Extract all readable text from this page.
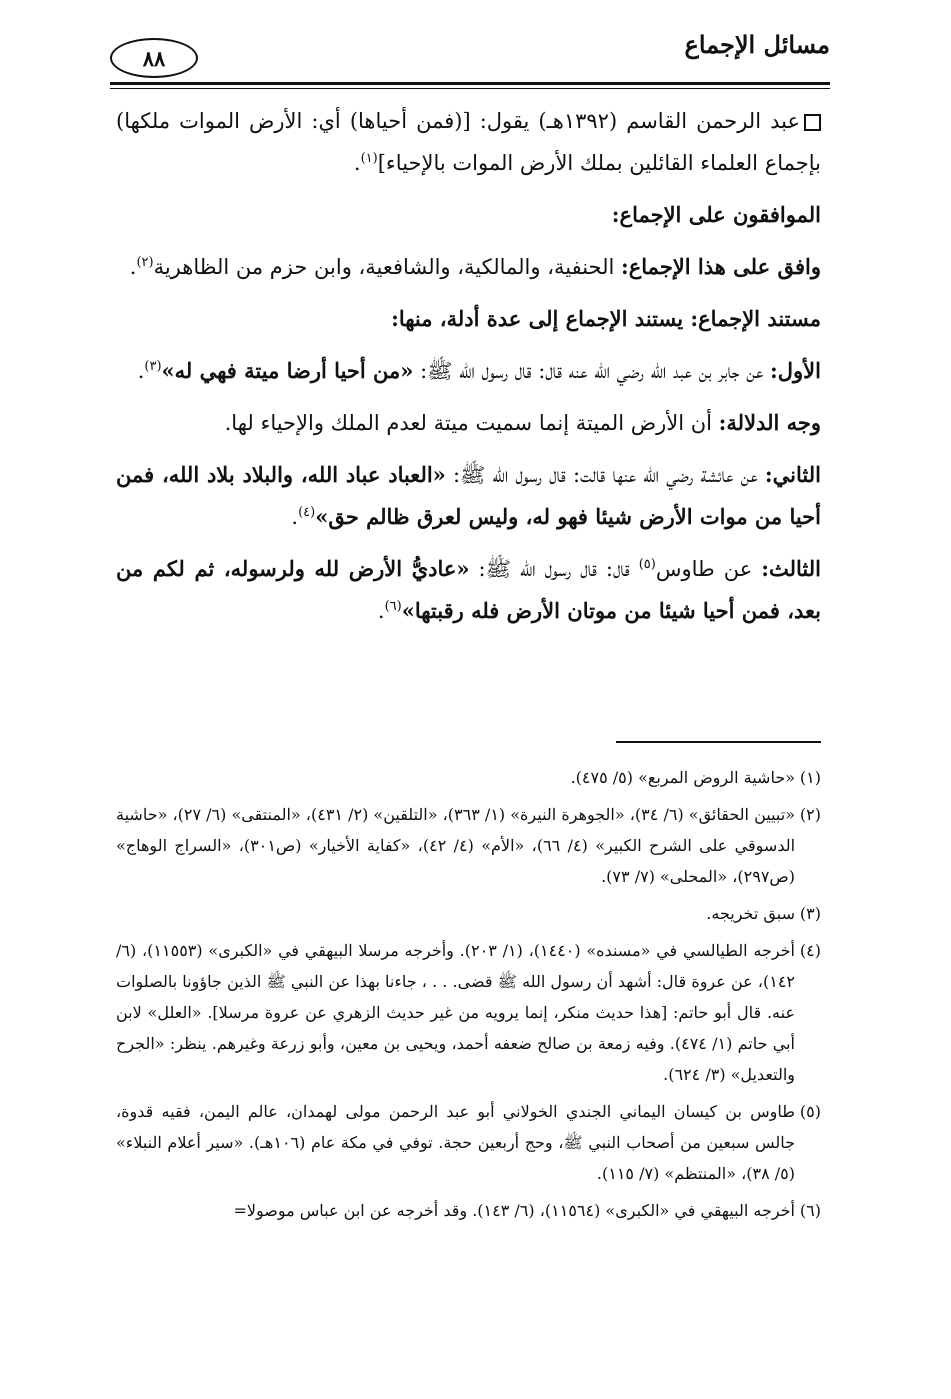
مسائل الإجماع
٨٨

عبد الرحمن القاسم (١٣٩٢هـ) يقول: [(فمن أحياها) أي: الأرض الموات ملكها) بإجماع العلماء القائلين بملك الأرض الموات بالإحياء]$^{(١)}$.

الموافقون على الإجماع:

وافق على هذا الإجماع: الحنفية، والمالكية، والشافعية، وابن حزم من الظاهرية$^{(٢)}$.

مستند الإجماع: يستند الإجماع إلى عدة أدلة، منها:

الأول: عن جابر بن عبد الله رضي الله عنه قال: قال رسول الله ﷺ: «من أحيا أرضا ميتة فهي له»$^{(٣)}$.

وجه الدلالة: أن الأرض الميتة إنما سميت ميتة لعدم الملك والإحياء لها.

الثاني: عن عائشة رضي الله عنها قالت: قال رسول الله ﷺ: «العباد عباد الله، والبلاد بلاد الله، فمن أحيا من موات الأرض شيئا فهو له، وليس لعرق ظالم حق»$^{(٤)}$.

الثالث: عن طاوس$^{(٥)}$ قال: قال رسول الله ﷺ: «عاديُّ الأرض لله ولرسوله، ثم لكم من بعد، فمن أحيا شيئا من موتان الأرض فله رقبتها»$^{(٦)}$.

(١)
«حاشية الروض المربع» (٥/ ٤٧٥).
(٢)
«تبيين الحقائق» (٦/ ٣٤)، «الجوهرة النيرة» (١/ ٣٦٣)، «التلقين» (٢/ ٤٣١)، «المنتقى» (٦/ ٢٧)، «حاشية الدسوقي على الشرح الكبير» (٤/ ٦٦)، «الأم» (٤/ ٤٢)، «كفاية الأخيار» (ص٣٠١)، «السراج الوهاج» (ص٢٩٧)، «المحلى» (٧/ ٧٣).
(٣)
سبق تخريجه.
(٤)
أخرجه الطيالسي في «مسنده» (١٤٤٠)، (١/ ٢٠٣). وأخرجه مرسلا البيهقي في «الكبرى» (١١٥٥٣)، (٦/ ١٤٢)، عن عروة قال: أشهد أن رسول الله ﷺ قضى. . . ، جاءنا بهذا عن النبي ﷺ الذين جاؤونا بالصلوات عنه. قال أبو حاتم: [هذا حديث منكر، إنما يرويه من غير حديث الزهري عن عروة مرسلا]. «العلل» لابن أبي حاتم (١/ ٤٧٤). وفيه زمعة بن صالح ضعفه أحمد، ويحيى بن معين، وأبو زرعة وغيرهم. ينظر: «الجرح والتعديل» (٣/ ٦٢٤).
(٥)
طاوس بن كيسان اليماني الجندي الخولاني أبو عبد الرحمن مولى لهمدان، عالم اليمن، فقيه قدوة، جالس سبعين من أصحاب النبي ﷺ، وحج أربعين حجة. توفي في مكة عام (١٠٦هـ). «سير أعلام النبلاء» (٥/ ٣٨)، «المنتظم» (٧/ ١١٥).
(٦)
أخرجه البيهقي في «الكبرى» (١١٥٦٤)، (٦/ ١٤٣). وقد أخرجه عن ابن عباس موصولا=
